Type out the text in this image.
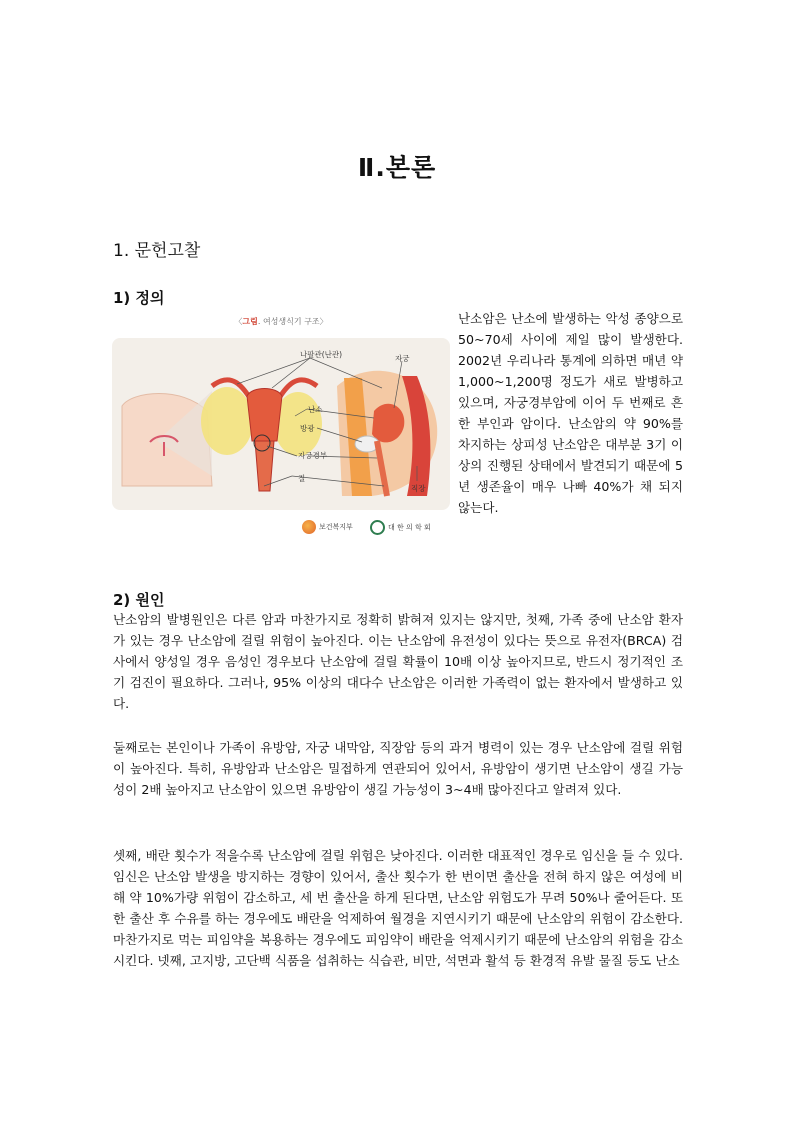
Ⅱ.본론
1. 문헌고찰
1) 정의
〈그림. 여성생식기 구조〉
나팔관(난관)	자궁
난소
방광
자궁경부
질
직장
보건복지부	대 한 의 학 회
난소암은 난소에 발생하는 악성 종양으로 50~70세 사이에 제일 많이 발생한다. 2002년 우리나라 통계에 의하면 매년 약 1,000~1,200명 정도가 새로 발병하고 있으며, 자궁경부암에 이어 두 번째로 흔한 부인과 암이다. 난소암의 약 90%를 차지하는 상피성 난소암은 대부분 3기 이상의 진행된 상태에서 발견되기 때문에 5년 생존율이 매우 나빠 40%가 채 되지 않는다.
2) 원인
난소암의 발병원인은 다른 암과 마찬가지로 정확히 밝혀져 있지는 않지만, 첫째, 가족 중에 난소암 환자가 있는 경우 난소암에 걸릴 위험이 높아진다. 이는 난소암에 유전성이 있다는 뜻으로 유전자(BRCA) 검사에서 양성일 경우 음성인 경우보다 난소암에 걸릴 확률이 10배 이상 높아지므로, 반드시 정기적인 조기 검진이 필요하다. 그러나, 95% 이상의 대다수 난소암은 이러한 가족력이 없는 환자에서 발생하고 있다.
둘째로는 본인이나 가족이 유방암, 자궁 내막암, 직장암 등의 과거 병력이 있는 경우 난소암에 걸릴 위험이 높아진다. 특히, 유방암과 난소암은 밀접하게 연관되어 있어서, 유방암이 생기면 난소암이 생길 가능성이 2배 높아지고 난소암이 있으면 유방암이 생길 가능성이 3~4배 많아진다고 알려져 있다.
셋째, 배란 횟수가 적을수록 난소암에 걸릴 위험은 낮아진다. 이러한 대표적인 경우로 임신을 들 수 있다. 임신은 난소암 발생을 방지하는 경향이 있어서, 출산 횟수가 한 번이면 출산을 전혀 하지 않은 여성에 비해 약 10%가량 위험이 감소하고, 세 번 출산을 하게 된다면, 난소암 위험도가 무려 50%나 줄어든다. 또한 출산 후 수유를 하는 경우에도 배란을 억제하여 월경을 지연시키기 때문에 난소암의 위험이 감소한다. 마찬가지로 먹는 피임약을 복용하는 경우에도 피임약이 배란을 억제시키기 때문에 난소암의 위험을 감소시킨다. 넷째, 고지방, 고단백 식품을 섭취하는 식습관, 비만, 석면과 활석 등 환경적 유발 물질 등도 난소
